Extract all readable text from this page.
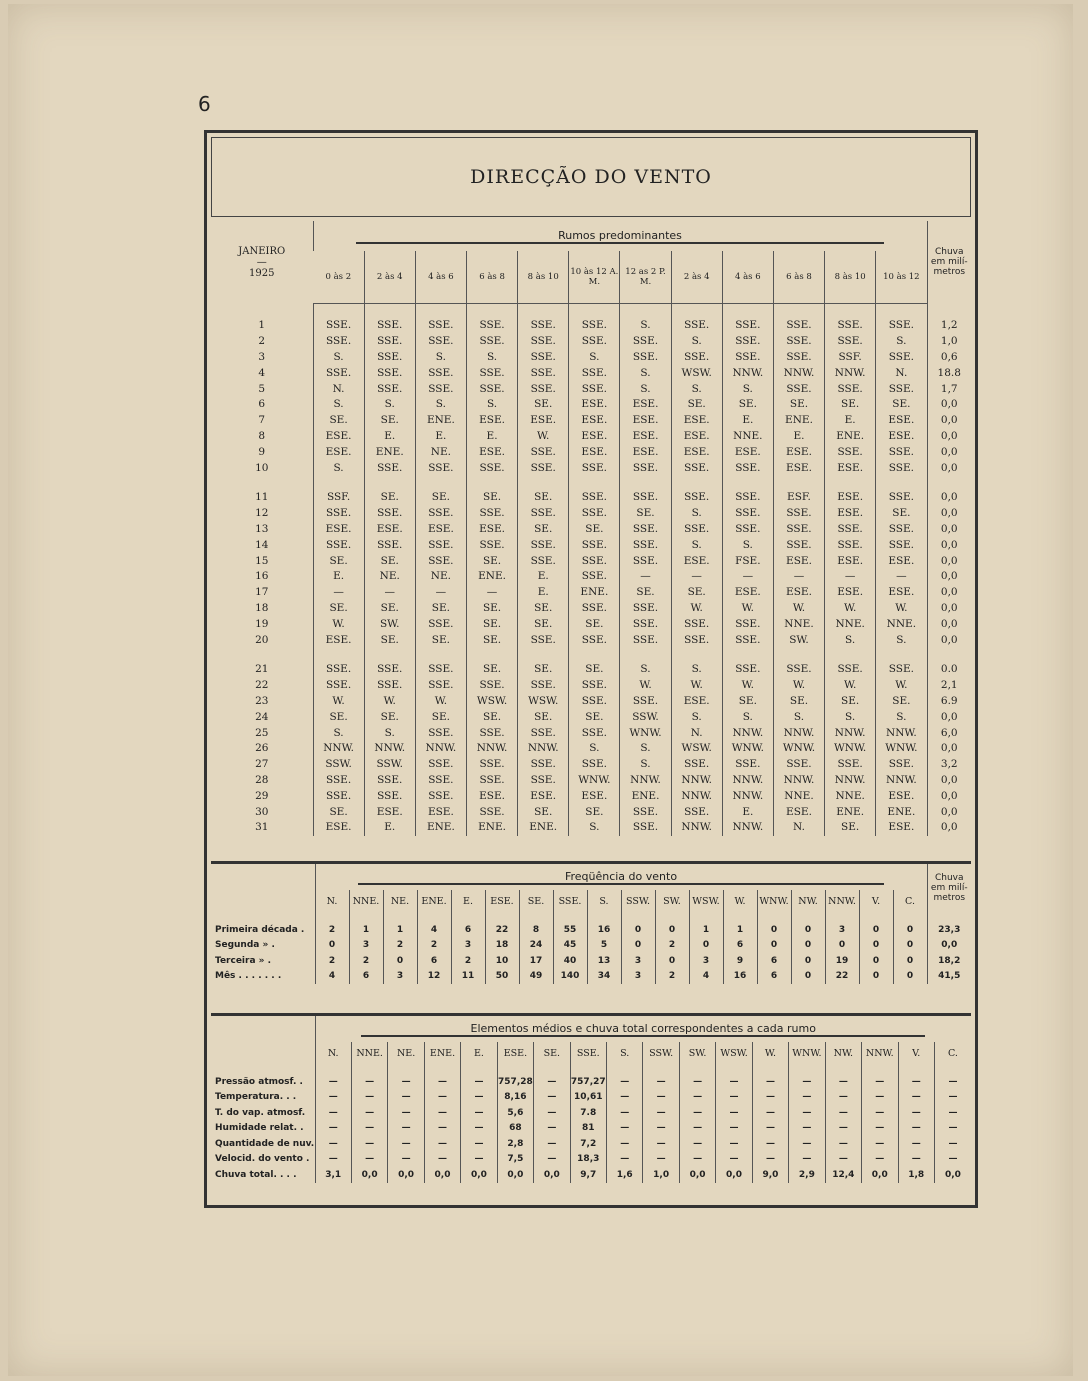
6
DIRECÇÃO DO VENTO
JANEIRO
—
1925	Rumos predominantes												Chuva em milí-metros
	0 às 2	2 às 4	4 às 6	6 às 8	8 às 10	10 às 12 A. M.	12 as 2 P. M.	2 às 4	4 às 6	6 às 8	8 às 10	10 às 12	

1	SSE.	SSE.	SSE.	SSE.	SSE.	SSE.	S.	SSE.	SSE.	SSE.	SSE.	SSE.	1,2
2	SSE.	SSE.	SSE.	SSE.	SSE.	SSE.	SSE.	S.	SSE.	SSE.	SSE.	S.	1,0
3	S.	SSE.	S.	S.	SSE.	S.	SSE.	SSE.	SSE.	SSE.	SSF.	SSE.	0,6
4	SSE.	SSE.	SSE.	SSE.	SSE.	SSE.	S.	WSW.	NNW.	NNW.	NNW.	N.	18.8
5	N.	SSE.	SSE.	SSE.	SSE.	SSE.	S.	S.	S.	SSE.	SSE.	SSE.	1,7
6	S.	S.	S.	S.	SE.	ESE.	ESE.	SE.	SE.	SE.	SE.	SE.	0,0
7	SE.	SE.	ENE.	ESE.	ESE.	ESE.	ESE.	ESE.	E.	ENE.	E.	ESE.	0,0
8	ESE.	E.	E.	E.	W.	ESE.	ESE.	ESE.	NNE.	E.	ENE.	ESE.	0,0
9	ESE.	ENE.	NE.	ESE.	SSE.	ESE.	ESE.	ESE.	ESE.	ESE.	SSE.	SSE.	0,0
10	S.	SSE.	SSE.	SSE.	SSE.	SSE.	SSE.	SSE.	SSE.	ESE.	ESE.	SSE.	0,0

11	SSF.	SE.	SE.	SE.	SE.	SSE.	SSE.	SSE.	SSE.	ESF.	ESE.	SSE.	0,0
12	SSE.	SSE.	SSE.	SSE.	SSE.	SSE.	SE.	S.	SSE.	SSE.	ESE.	SE.	0,0
13	ESE.	ESE.	ESE.	ESE.	SE.	SE.	SSE.	SSE.	SSE.	SSE.	SSE.	SSE.	0,0
14	SSE.	SSE.	SSE.	SSE.	SSE.	SSE.	SSE.	S.	S.	SSE.	SSE.	SSE.	0,0
15	SE.	SE.	SSE.	SE.	SSE.	SSE.	SSE.	ESE.	FSE.	ESE.	ESE.	ESE.	0,0
16	E.	NE.	NE.	ENE.	E.	SSE.	—	—	—	—	—	—	0,0
17	—	—	—	—	E.	ENE.	SE.	SE.	ESE.	ESE.	ESE.	ESE.	0,0
18	SE.	SE.	SE.	SE.	SE.	SSE.	SSE.	W.	W.	W.	W.	W.	0,0
19	W.	SW.	SSE.	SE.	SE.	SE.	SSE.	SSE.	SSE.	NNE.	NNE.	NNE.	0,0
20	ESE.	SE.	SE.	SE.	SSE.	SSE.	SSE.	SSE.	SSE.	SW.	S.	S.	0,0

21	SSE.	SSE.	SSE.	SE.	SE.	SE.	S.	S.	SSE.	SSE.	SSE.	SSE.	0.0
22	SSE.	SSE.	SSE.	SSE.	SSE.	SSE.	W.	W.	W.	W.	W.	W.	2,1
23	W.	W.	W.	WSW.	WSW.	SSE.	SSE.	ESE.	SE.	SE.	SE.	SE.	6.9
24	SE.	SE.	SE.	SE.	SE.	SE.	SSW.	S.	S.	S.	S.	S.	0,0
25	S.	S.	SSE.	SSE.	SSE.	SSE.	WNW.	N.	NNW.	NNW.	NNW.	NNW.	6,0
26	NNW.	NNW.	NNW.	NNW.	NNW.	S.	S.	WSW.	WNW.	WNW.	WNW.	WNW.	0,0
27	SSW.	SSW.	SSE.	SSE.	SSE.	SSE.	S.	SSE.	SSE.	SSE.	SSE.	SSE.	3,2
28	SSE.	SSE.	SSE.	SSE.	SSE.	WNW.	NNW.	NNW.	NNW.	NNW.	NNW.	NNW.	0,0
29	SSE.	SSE.	SSE.	ESE.	ESE.	ESE.	ENE.	NNW.	NNW.	NNE.	NNE.	ESE.	0,0
30	SE.	ESE.	ESE.	SSE.	SE.	SE.	SSE.	SSE.	E.	ESE.	ENE.	ENE.	0,0
31	ESE.	E.	ENE.	ENE.	ENE.	S.	SSE.	NNW.	NNW.	N.	SE.	ESE.	0,0
	Freqüência do vento																		Chuva em milí-metros
	N.	NNE.	NE.	ENE.	E.	ESE.	SE.	SSE.	S.	SSW.	SW.	WSW.	W.	WNW.	NW.	NNW.	V.	C.	

Primeira década .	2	1	1	4	6	22	8	55	16	0	0	1	1	0	0	3	0	0	23,3
Segunda » .	0	3	2	2	3	18	24	45	5	0	2	0	6	0	0	0	0	0	0,0
Terceira » .	2	2	0	6	2	10	17	40	13	3	0	3	9	6	0	19	0	0	18,2
Mês . . . . . . .	4	6	3	12	11	50	49	140	34	3	2	4	16	6	0	22	0	0	41,5
	Elementos médios e chuva total correspondentes a cada rumo																	

	N.	NNE.	NE.	ENE.	E.	ESE.	SE.	SSE.	S.	SSW.	SW.	WSW.	W.	WNW.	NW.	NNW.	V.	C.

Pressão atmosf. .	—	—	—	—	—	757,28	—	757,27	—	—	—	—	—	—	—	—	—	—
Temperatura. . .	—	—	—	—	—	8,16	—	10,61	—	—	—	—	—	—	—	—	—	—
T. do vap. atmosf.	—	—	—	—	—	5,6	—	7.8	—	—	—	—	—	—	—	—	—	—
Humidade relat. .	—	—	—	—	—	68	—	81	—	—	—	—	—	—	—	—	—	—
Quantidade de nuv.	—	—	—	—	—	2,8	—	7,2	—	—	—	—	—	—	—	—	—	—
Velocid. do vento .	—	—	—	—	—	7,5	—	18,3	—	—	—	—	—	—	—	—	—	—
Chuva total. . . .	3,1	0,0	0,0	0,0	0,0	0,0	0,0	9,7	1,6	1,0	0,0	0,0	9,0	2,9	12,4	0,0	1,8	0,0
